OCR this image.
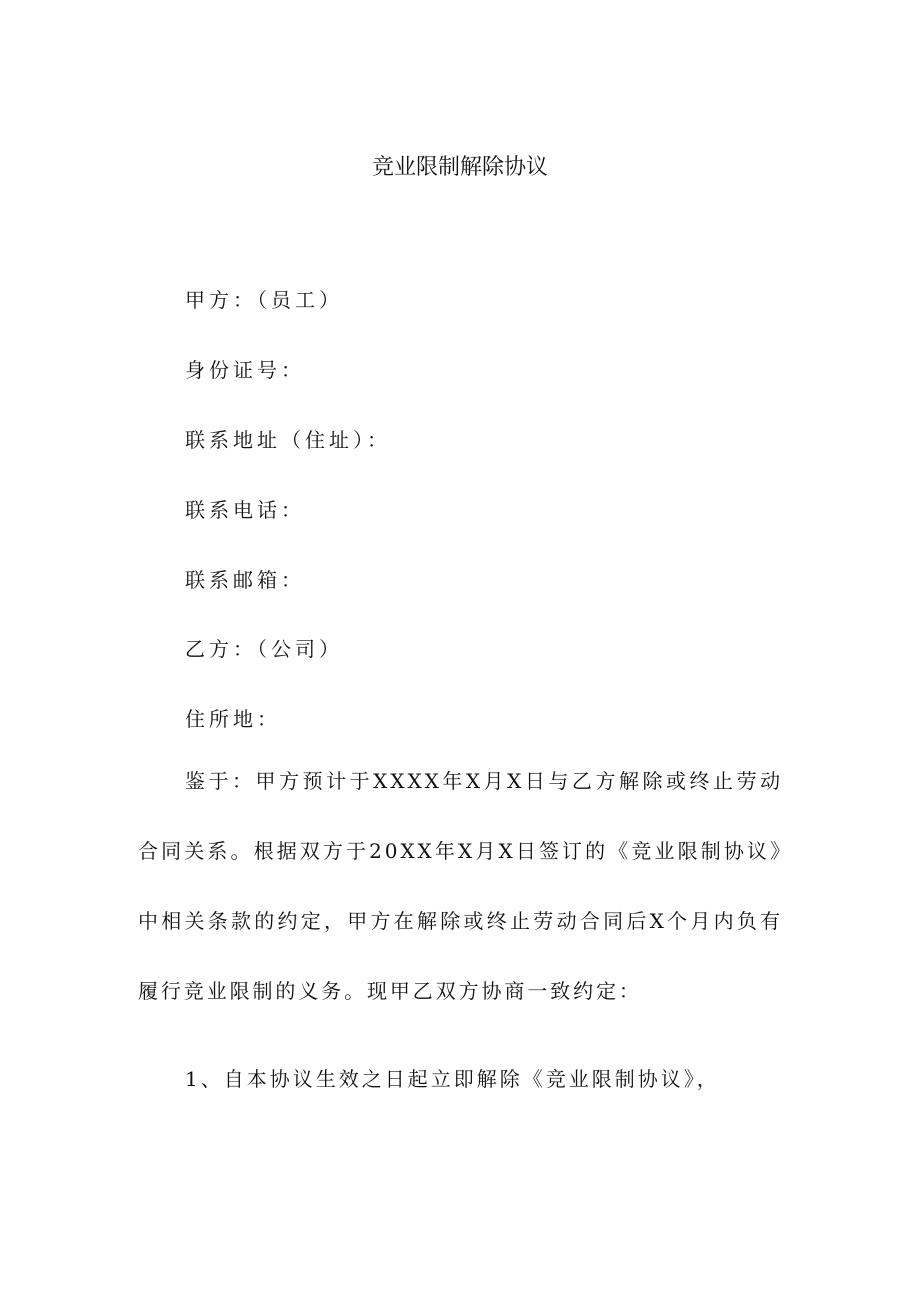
竞业限制解除协议
甲方：（员工）
身份证号：
联系地址（住址）：
联系电话：
联系邮箱：
乙方：（公司）
住所地：

鉴于：甲方预计于XXXX年X月X日与乙方解除或终止劳动合同关系。根据双方于20XX年X月X日签订的《竞业限制协议》中相关条款的约定，甲方在解除或终止劳动合同后X个月内负有履行竞业限制的义务。现甲乙双方协商一致约定：

1、自本协议生效之日起立即解除《竞业限制协议》，
